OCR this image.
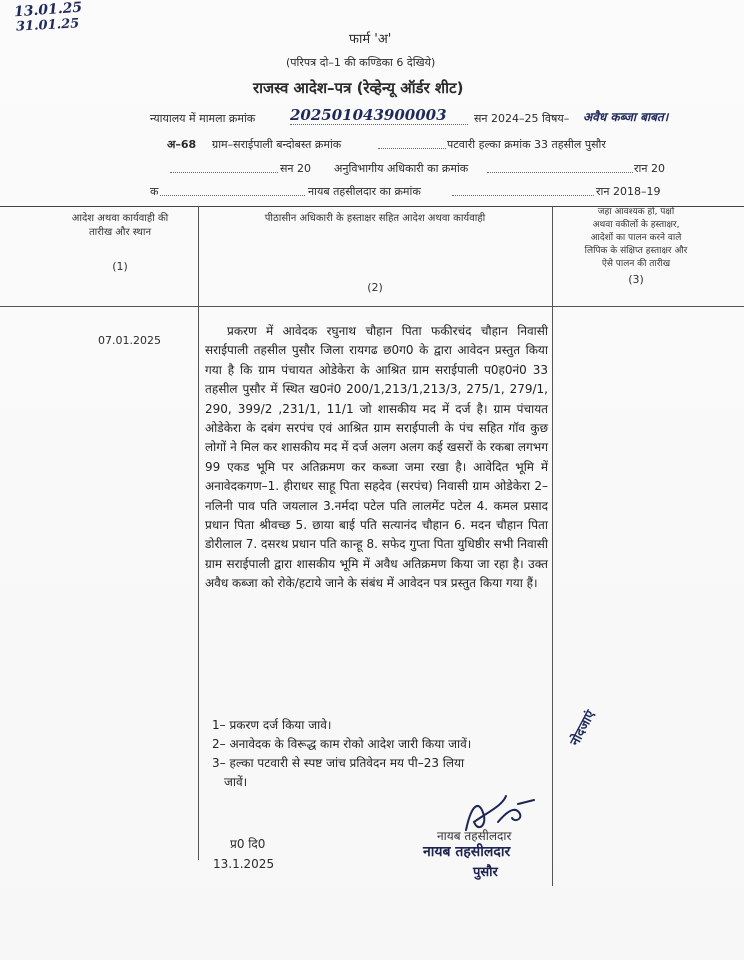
13.01.25
31.01.25
फार्म 'अ'
(परिपत्र दो–1 की कण्डिका 6 देखिये)
राजस्व आदेश–पत्र (रेव्हेन्यू ऑर्डर शीट)
न्यायालय में मामला क्रमांक 202501043900003 सन 2024–25 विषय– अवैध कब्जा बाबत।
अ–68 ग्राम–सराईपाली बन्दोबस्त क्रमांक	पटवारी हल्का क्रमांक 33 तहसील पुसौर
सन 20 अनुविभागीय अधिकारी का क्रमांक	रान 20
क	नायब तहसीलदार का क्रमांक	रान 2018–19
आदेश अथवा कार्यवाही की
तारीख और स्थान
(1)
पीठासीन अधिकारी के हस्ताक्षर सहित आदेश अथवा कार्यवाही
(2)
जहा आवश्यक हो, पक्षों
अथवा वकीलों के हस्ताक्षर,
आदेशों का पालन करने वाले
लिपिक के संक्षिप्त हस्ताक्षर और
ऐसे पालन की तारीख
(3)
07.01.2025

प्रकरण में आवेदक रघुनाथ चौहान पिता फकीरचंद चौहान निवासी सराईपाली तहसील पुसौर जिला रायगढ छ0ग0 के द्वारा आवेदन प्रस्तुत किया गया है कि ग्राम पंचायत ओडेकेरा के आश्रित ग्राम सराईपाली प0ह0नं0 33 तहसील पुसौर में स्थित ख0नं0 200/1,213/1,213/3, 275/1, 279/1, 290, 399/2 ,231/1, 11/1 जो शासकीय मद में दर्ज है। ग्राम पंचायत ओडेकेरा के दबंग सरपंच एवं आश्रित ग्राम सराईपाली के पंच सहित गॉव कुछ लोगों ने मिल कर शासकीय मद में दर्ज अलग अलग कई खसरों के रकबा लगभग 99 एकड भूमि पर अतिक्रमण कर कब्जा जमा रखा है। आवेदित भूमि में अनावेदकगण–1. हीराधर साहू पिता सहदेव (सरपंच) निवासी ग्राम ओडेकेरा 2–नलिनी पाव पति जयलाल 3.नर्मदा पटेल पति लालमेंट पटेल 4. कमल प्रसाद प्रधान पिता श्रीवच्छ 5. छाया बाई पति सत्यानंद चौहान 6. मदन चौहान पिता डोरीलाल 7. दसरथ प्रधान पति कान्हू 8. सफेद गुप्ता पिता युधिष्ठीर सभी निवासी ग्राम सराईपाली द्वारा शासकीय भूमि में अवैध अतिक्रमण किया जा रहा है। उक्त अवैध कब्जा को रोके/हटाये जाने के संबंध में आवेदन पत्र प्रस्तुत किया गया हैं।

1– प्रकरण दर्ज किया जावे।
2– अनावेदक के विरूद्ध काम रोको आदेश जारी किया जावें।
3– हल्का पटवारी से स्पष्ट जांच प्रतिवेदन मय पी–23 लिया
जावें।
प्र0 दि0
13.1.2025
नायब तहसीलदार
नायब तहसीलदार
पुसौर
नोदजाएं
